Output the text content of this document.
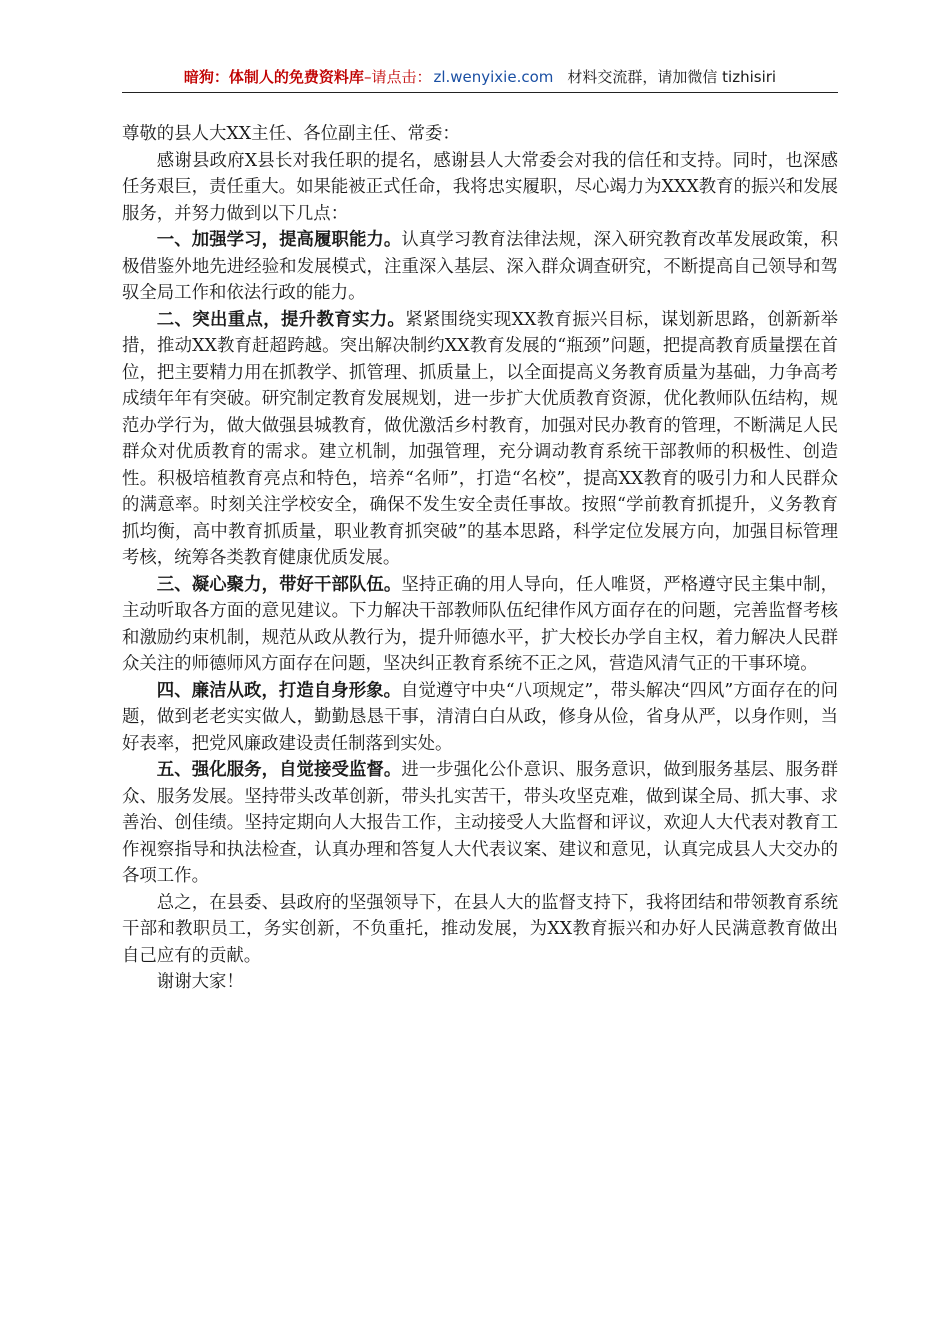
暗狗：体制人的免费资料库–请点击： zl.wenyixie.com 材料交流群，请加微信 tizhisiri

尊敬的县人大XX主任、各位副主任、常委：

感谢县政府X县长对我任职的提名，感谢县人大常委会对我的信任和支持。同时，也深感任务艰巨，责任重大。如果能被正式任命，我将忠实履职，尽心竭力为XXX教育的振兴和发展服务，并努力做到以下几点：

一、加强学习，提高履职能力。认真学习教育法律法规，深入研究教育改革发展政策，积极借鉴外地先进经验和发展模式，注重深入基层、深入群众调查研究，不断提高自己领导和驾驭全局工作和依法行政的能力。

二、突出重点，提升教育实力。紧紧围绕实现XX教育振兴目标，谋划新思路，创新新举措，推动XX教育赶超跨越。突出解决制约XX教育发展的“瓶颈”问题，把提高教育质量摆在首位，把主要精力用在抓教学、抓管理、抓质量上，以全面提高义务教育质量为基础，力争高考成绩年年有突破。研究制定教育发展规划，进一步扩大优质教育资源，优化教师队伍结构，规范办学行为，做大做强县城教育，做优激活乡村教育，加强对民办教育的管理，不断满足人民群众对优质教育的需求。建立机制，加强管理，充分调动教育系统干部教师的积极性、创造性。积极培植教育亮点和特色，培养“名师”，打造“名校”，提高XX教育的吸引力和人民群众的满意率。时刻关注学校安全，确保不发生安全责任事故。按照“学前教育抓提升，义务教育抓均衡，高中教育抓质量，职业教育抓突破”的基本思路，科学定位发展方向，加强目标管理考核，统筹各类教育健康优质发展。

三、凝心聚力，带好干部队伍。坚持正确的用人导向，任人唯贤，严格遵守民主集中制，主动听取各方面的意见建议。下力解决干部教师队伍纪律作风方面存在的问题，完善监督考核和激励约束机制，规范从政从教行为，提升师德水平，扩大校长办学自主权，着力解决人民群众关注的师德师风方面存在问题，坚决纠正教育系统不正之风，营造风清气正的干事环境。

四、廉洁从政，打造自身形象。自觉遵守中央“八项规定”，带头解决“四风”方面存在的问题，做到老老实实做人，勤勤恳恳干事，清清白白从政，修身从俭，省身从严，以身作则，当好表率，把党风廉政建设责任制落到实处。

五、强化服务，自觉接受监督。进一步强化公仆意识、服务意识，做到服务基层、服务群众、服务发展。坚持带头改革创新，带头扎实苦干，带头攻坚克难，做到谋全局、抓大事、求善治、创佳绩。坚持定期向人大报告工作，主动接受人大监督和评议，欢迎人大代表对教育工作视察指导和执法检查，认真办理和答复人大代表议案、建议和意见，认真完成县人大交办的各项工作。

总之，在县委、县政府的坚强领导下，在县人大的监督支持下，我将团结和带领教育系统干部和教职员工，务实创新，不负重托，推动发展，为XX教育振兴和办好人民满意教育做出自己应有的贡献。

谢谢大家！
